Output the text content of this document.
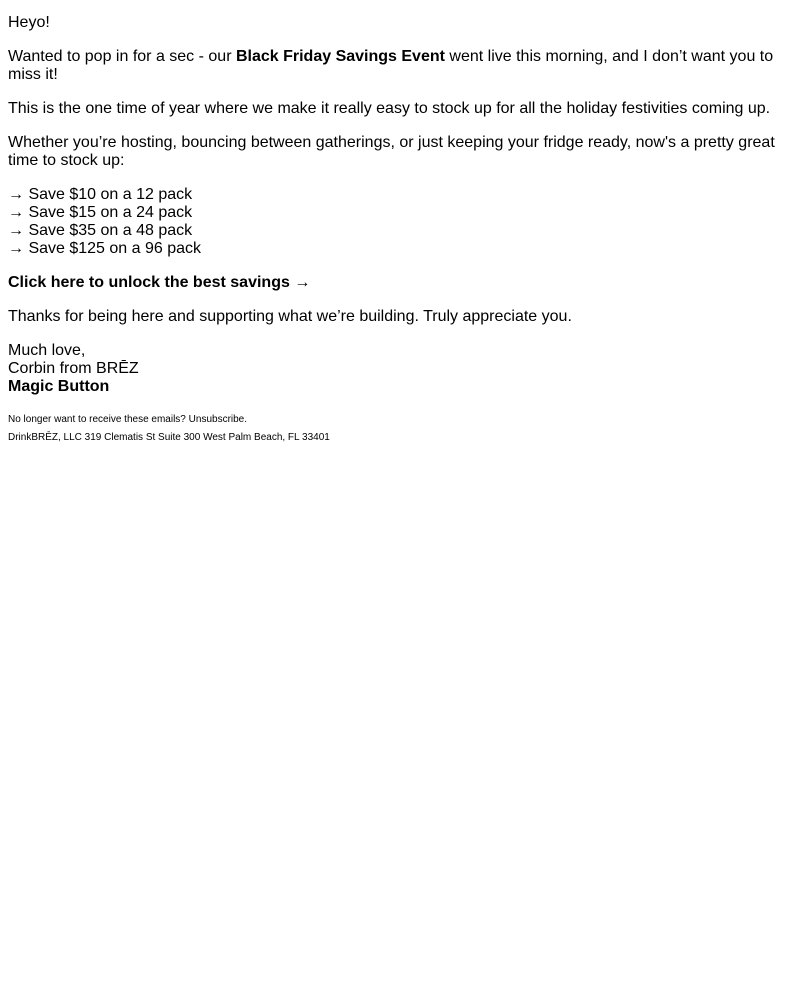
Heyo!

Wanted to pop in for a sec - our Black Friday Savings Event went live this morning, and I don’t want you to miss it!

This is the one time of year where we make it really easy to stock up for all the holiday festivities coming up.

Whether you’re hosting, bouncing between gatherings, or just keeping your fridge ready, now's a pretty great time to stock up:

→ Save $10 on a 12 pack
→ Save $15 on a 24 pack
→ Save $35 on a 48 pack
→ Save $125 on a 96 pack

Click here to unlock the best savings →

Thanks for being here and supporting what we’re building. Truly appreciate you.

Much love,
Corbin from BRĒZ
Magic Button

No longer want to receive these emails? Unsubscribe.
DrinkBRĒZ, LLC 319 Clematis St Suite 300 West Palm Beach, FL 33401
